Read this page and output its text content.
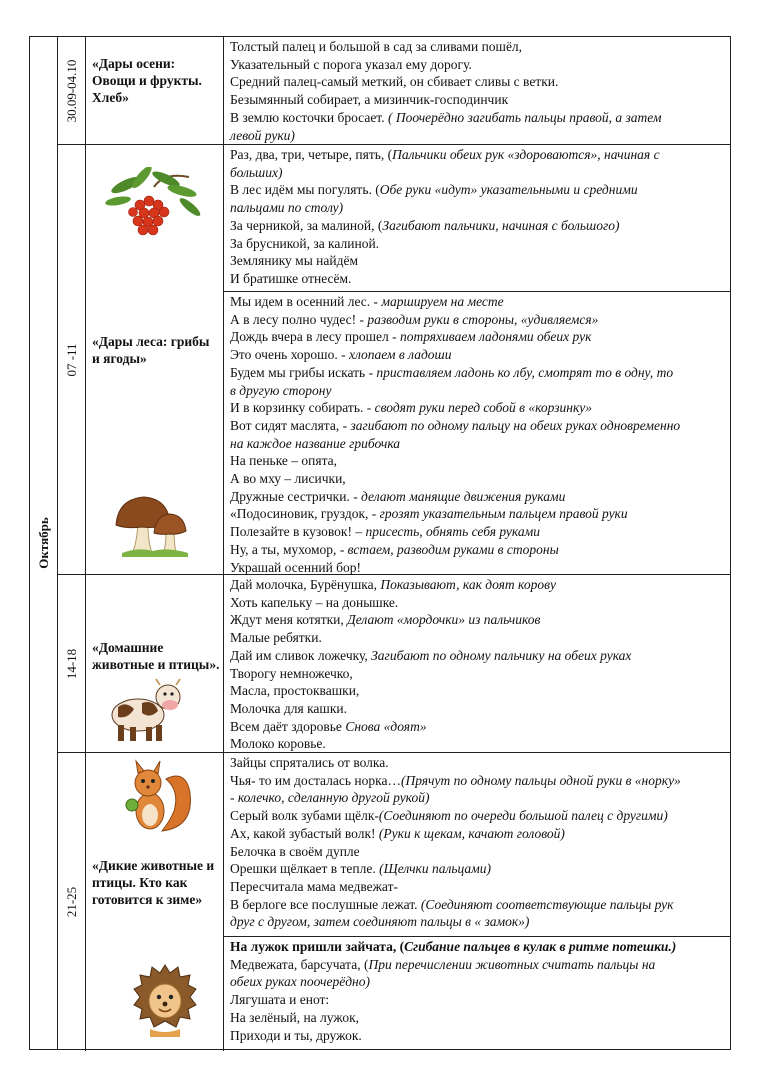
Октябрь
30.09-04.10 «Дары осени: Овощи и фрукты. Хлеб»
Толстый палец и большой в сад за сливами пошёл,
Указательный с порога указал ему дорогу.
Средний палец-самый меткий, он сбивает сливы с ветки.
Безымянный собирает, а мизинчик-господинчик
В землю косточки бросает. ( Поочерёдно загибать пальцы правой, а затем
левой руки)
07 -11
«Дары леса: грибы и ягоды»
Раз, два, три, четыре, пять, (Пальчики обеих рук «здороваются», начиная с
больших)
В лес идём мы погулять. (Обе руки «идут» указательными и средними
пальцами по столу)
За черникой, за малиной, (Загибают пальчики, начиная с большого)
За брусникой, за калиной.
Землянику мы найдём
И братишке отнесём.
Мы идем в осенний лес. - маршируем на месте
А в лесу полно чудес! - разводим руки в стороны, «удивляемся»
Дождь вчера в лесу прошел - потряхиваем ладонями обеих рук
Это очень хорошо. - хлопаем в ладоши
Будем мы грибы искать - приставляем ладонь ко лбу, смотрят то в одну, то
в другую сторону
И в корзинку собирать. - сводят руки перед собой в «корзинку»
Вот сидят маслята, - загибают по одному пальцу на обеих руках одновременно
на каждое название грибочка
На пеньке – опята,
А во мху – лисички,
Дружные сестрички. - делают манящие движения руками
«Подосиновик, груздок, - грозят указательным пальцем правой руки
Полезайте в кузовок! – присесть, обнять себя руками
Ну, а ты, мухомор, - встаем, разводим руками в стороны
Украшай осенний бор!
14-18
«Домашние животные и птицы».
Дай молочка, Бурёнушка, Показывают, как доят корову
Хоть капельку – на донышке.
Ждут меня котятки, Делают «мордочки» из пальчиков
Малые ребятки.
Дай им сливок ложечку, Загибают по одному пальчику на обеих руках
Творогу немножечко,
Масла, простоквашки,
Молочка для кашки.
Всем даёт здоровье Снова «доят»
Молоко коровье.
21-25
«Дикие животные и птицы. Кто как готовится к зиме»
Зайцы спрятались от волка.
Чья- то им досталась норка…(Прячут по одному пальцы одной руки в «норку»
- колечко, сделанную другой рукой)
Серый волк зубами щёлк-(Соединяют по очереди большой палец с другими)
Ах, какой зубастый волк! (Руки к щекам, качают головой)
Белочка в своём дупле
Орешки щёлкает в тепле. (Щелчки пальцами)
Пересчитала мама медвежат-
В берлоге все послушные лежат. (Соединяют соответствующие пальцы рук
друг с другом, затем соединяют пальцы в « замок»)
На лужок пришли зайчата, (Сгибание пальцев в кулак в ритме потешки.)
Медвежата, барсучата, (При перечислении животных считать пальцы на
обеих руках поочерёдно)
Лягушата и енот:
На зелёный, на лужок,
Приходи и ты, дружок.
